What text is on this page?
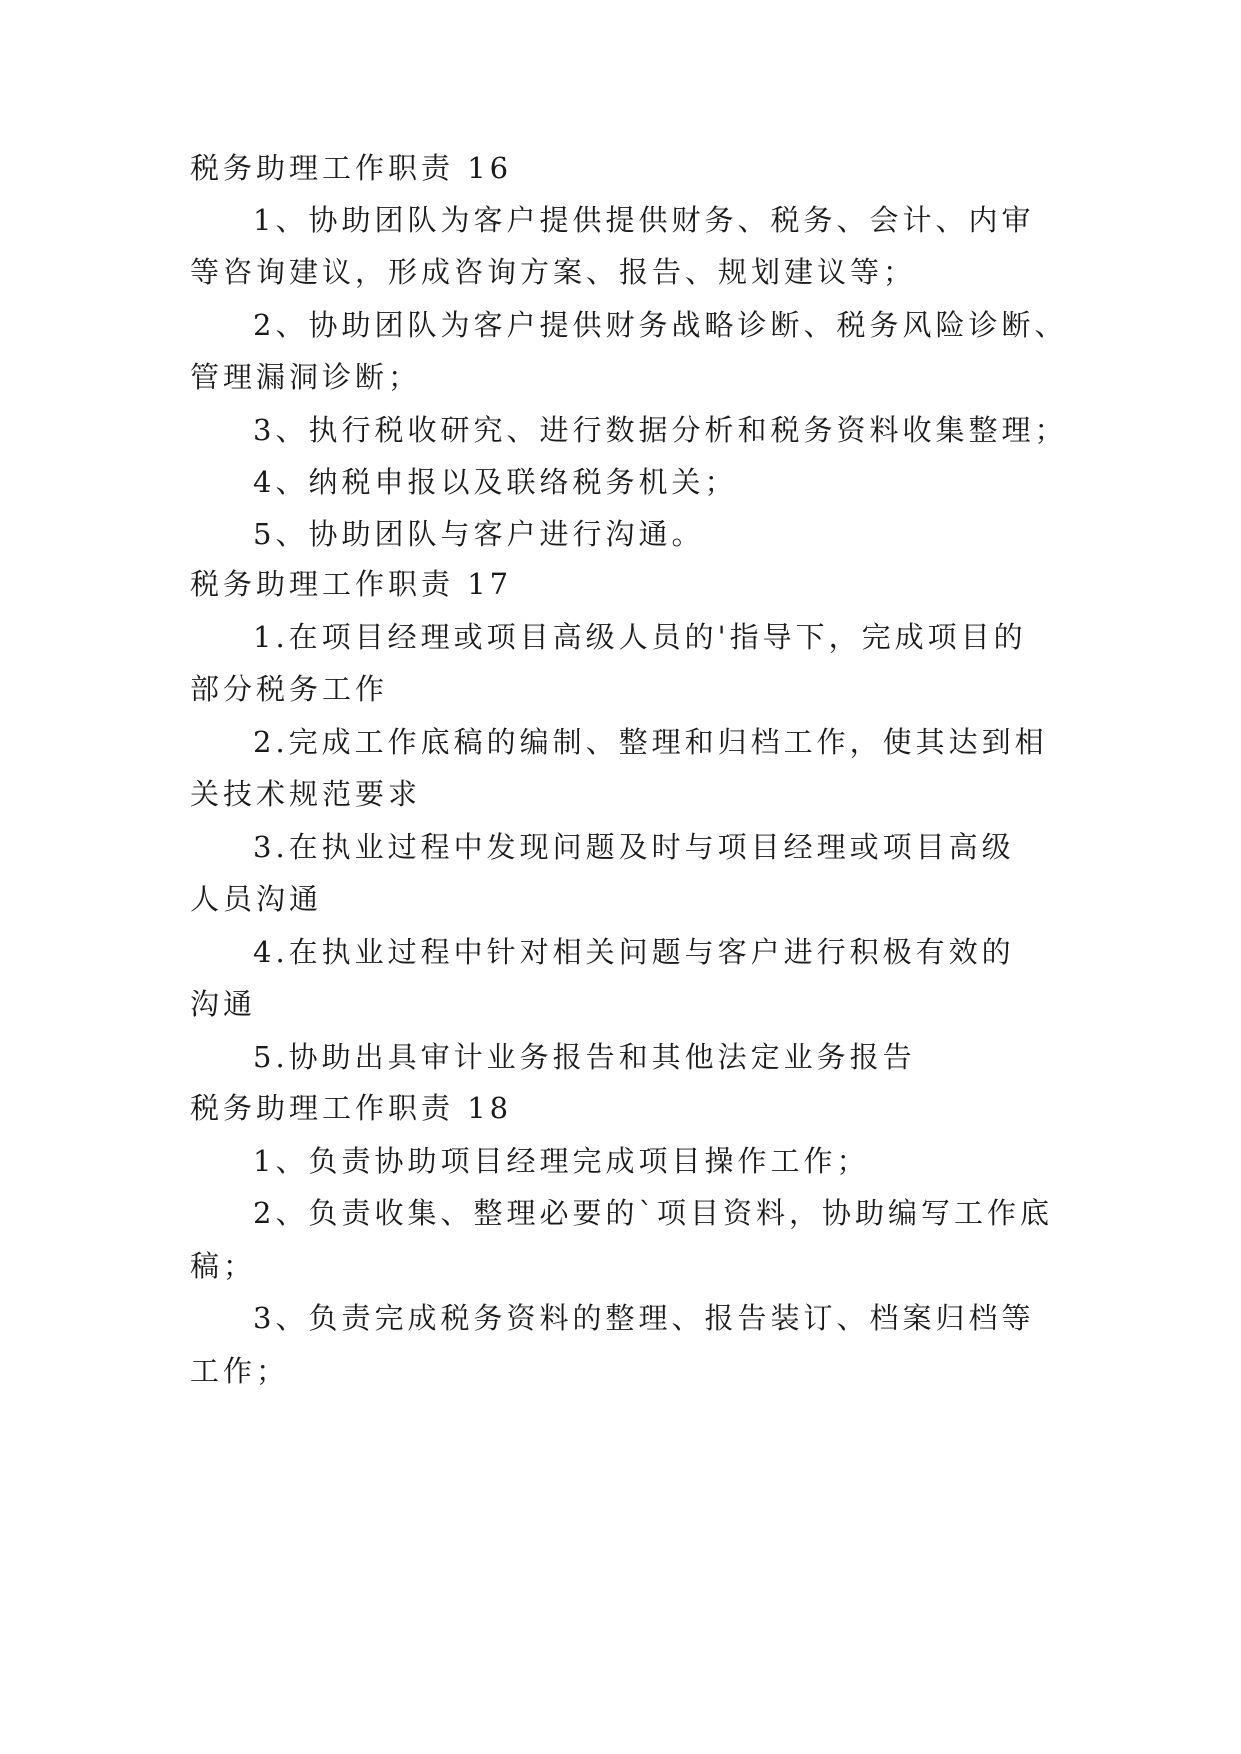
税务助理工作职责 16
1、协助团队为客户提供提供财务、税务、会计、内审
等咨询建议，形成咨询方案、报告、规划建议等；
2、协助团队为客户提供财务战略诊断、税务风险诊断、
管理漏洞诊断；
3、执行税收研究、进行数据分析和税务资料收集整理；
4、纳税申报以及联络税务机关；
5、协助团队与客户进行沟通。
税务助理工作职责 17
1.在项目经理或项目高级人员的'指导下，完成项目的
部分税务工作
2.完成工作底稿的编制、整理和归档工作，使其达到相
关技术规范要求
3.在执业过程中发现问题及时与项目经理或项目高级
人员沟通
4.在执业过程中针对相关问题与客户进行积极有效的
沟通
5.协助出具审计业务报告和其他法定业务报告
税务助理工作职责 18
1、负责协助项目经理完成项目操作工作；
2、负责收集、整理必要的`项目资料，协助编写工作底
稿；
3、负责完成税务资料的整理、报告装订、档案归档等
工作；
